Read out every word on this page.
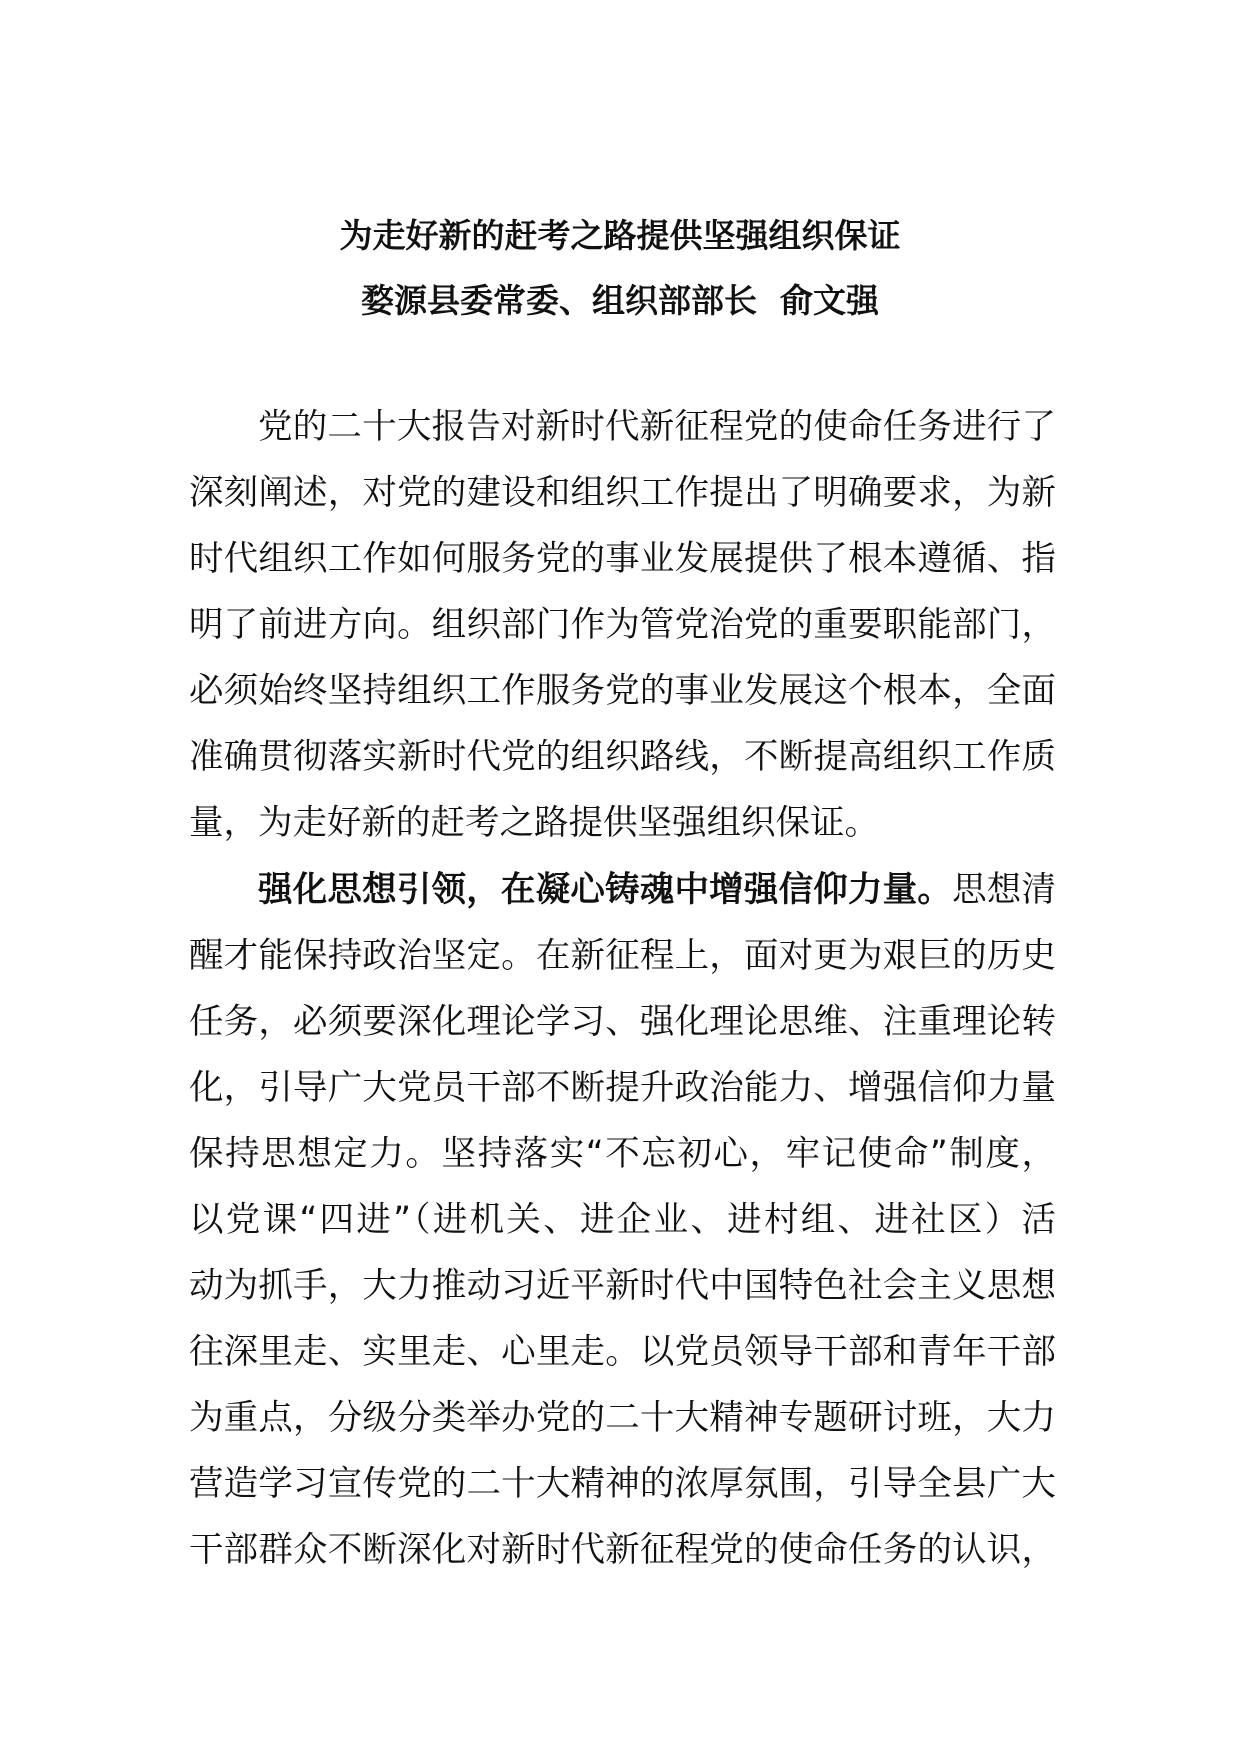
为走好新的赶考之路提供坚强组织保证
婺源县委常委、组织部部长  俞文强
党的二十大报告对新时代新征程党的使命任务进行了
深刻阐述，对党的建设和组织工作提出了明确要求，为新
时代组织工作如何服务党的事业发展提供了根本遵循、指
明了前进方向。组织部门作为管党治党的重要职能部门，
必须始终坚持组织工作服务党的事业发展这个根本，全面
准确贯彻落实新时代党的组织路线，不断提高组织工作质
量，为走好新的赶考之路提供坚强组织保证。
强化思想引领，在凝心铸魂中增强信仰力量。思想清
醒才能保持政治坚定。在新征程上，面对更为艰巨的历史
任务，必须要深化理论学习、强化理论思维、注重理论转
化，引导广大党员干部不断提升政治能力、增强信仰力量
保持思想定力。坚持落实“不忘初心，牢记使命”制度，
以党课“四进”（进机关、进企业、进村组、进社区）活
动为抓手，大力推动习近平新时代中国特色社会主义思想
往深里走、实里走、心里走。以党员领导干部和青年干部
为重点，分级分类举办党的二十大精神专题研讨班，大力
营造学习宣传党的二十大精神的浓厚氛围，引导全县广大
干部群众不断深化对新时代新征程党的使命任务的认识，
